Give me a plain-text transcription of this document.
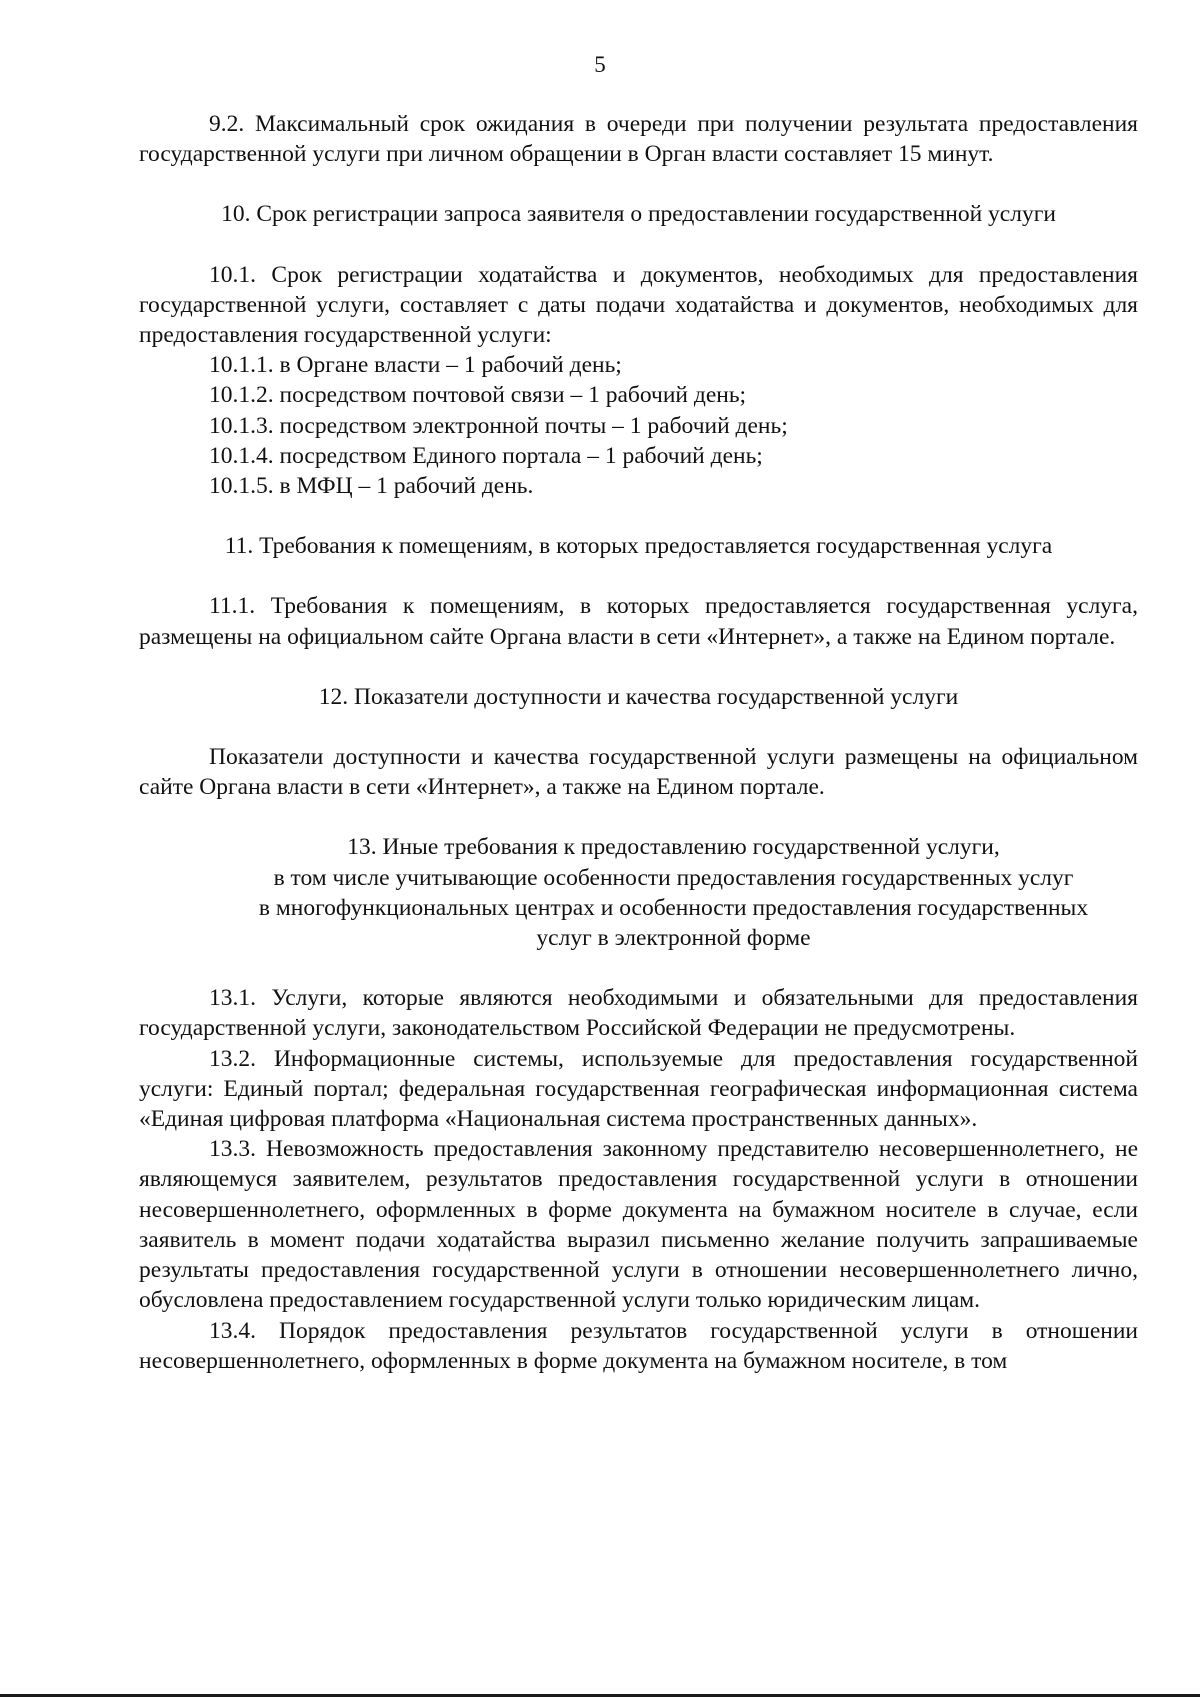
5

9.2. Максимальный срок ожидания в очереди при получении результата предоставления государственной услуги при личном обращении в Орган власти составляет 15 минут.

10. Срок регистрации запроса заявителя о предоставлении государственной услуги

10.1. Срок регистрации ходатайства и документов, необходимых для предоставления государственной услуги, составляет с даты подачи ходатайства и документов, необходимых для предоставления государственной услуги:

10.1.1. в Органе власти – 1 рабочий день;

10.1.2. посредством почтовой связи – 1 рабочий день;

10.1.3. посредством электронной почты – 1 рабочий день;

10.1.4. посредством Единого портала – 1 рабочий день;

10.1.5. в МФЦ – 1 рабочий день.

11. Требования к помещениям, в которых предоставляется государственная услуга

11.1. Требования к помещениям, в которых предоставляется государственная услуга, размещены на официальном сайте Органа власти в сети «Интернет», а также на Едином портале.

12. Показатели доступности и качества государственной услуги

Показатели доступности и качества государственной услуги размещены на официальном сайте Органа власти в сети «Интернет», а также на Едином портале.

13. Иные требования к предоставлению государственной услуги,

в том числе учитывающие особенности предоставления государственных услуг

в многофункциональных центрах и особенности предоставления государственных

услуг в электронной форме

13.1. Услуги, которые являются необходимыми и обязательными для предоставления государственной услуги, законодательством Российской Федерации не предусмотрены.

13.2. Информационные системы, используемые для предоставления государственной услуги: Единый портал; федеральная государственная географическая информационная система «Единая цифровая платформа «Национальная система пространственных данных».

13.3. Невозможность предоставления законному представителю несовершеннолетнего, не являющемуся заявителем, результатов предоставления государственной услуги в отношении несовершеннолетнего, оформленных в форме документа на бумажном носителе в случае, если заявитель в момент подачи ходатайства выразил письменно желание получить запрашиваемые результаты предоставления государственной услуги в отношении несовершеннолетнего лично, обусловлена предоставлением государственной услуги только юридическим лицам.

13.4. Порядок предоставления результатов государственной услуги в отношении несовершеннолетнего, оформленных в форме документа на бумажном носителе, в том
